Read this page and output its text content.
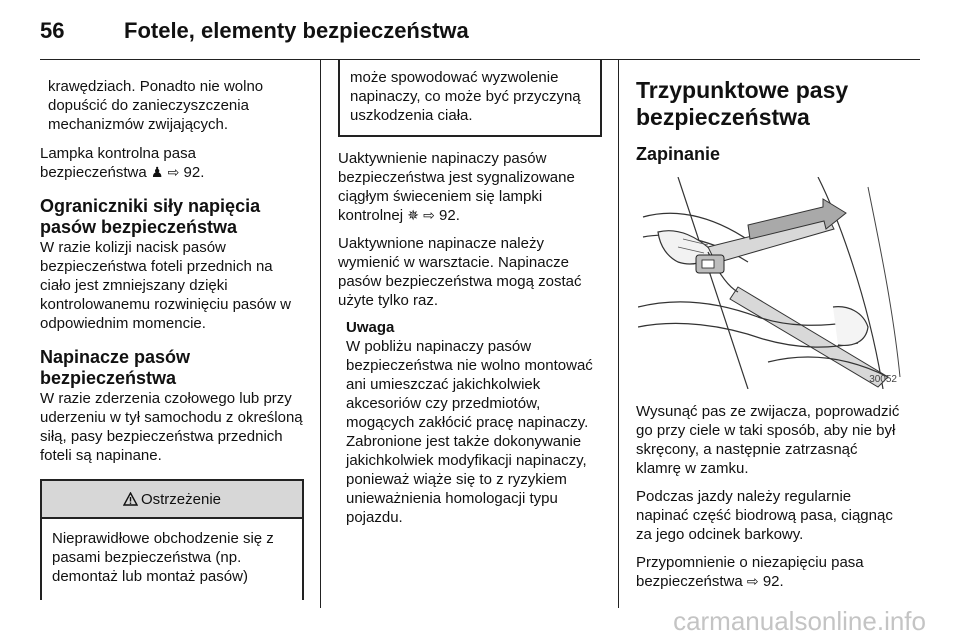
56	Fotele, elementy bezpieczeństwa

krawędziach. Ponadto nie wolno dopuścić do zanieczyszczenia mechanizmów zwijających.

Lampka kontrolna pasa bezpieczeństwa ♟ ⇨ 92.

Ograniczniki siły napięcia pasów bezpieczeństwa

W razie kolizji nacisk pasów bezpieczeństwa foteli przednich na ciało jest zmniejszany dzięki kontrolowanemu rozwinięciu pasów w odpowiednim momencie.

Napinacze pasów bezpieczeństwa

W razie zderzenia czołowego lub przy uderzeniu w tył samochodu z określoną siłą, pasy bezpieczeństwa przednich foteli są napinane.

Ostrzeżenie

Nieprawidłowe obchodzenie się z pasami bezpieczeństwa (np. demontaż lub montaż pasów)

może spowodować wyzwolenie napinaczy, co może być przyczyną uszkodzenia ciała.

Uaktywnienie napinaczy pasów bezpieczeństwa jest sygnalizowane ciągłym świeceniem się lampki kontrolnej ✵ ⇨ 92.

Uaktywnione napinacze należy wymienić w warsztacie. Napinacze pasów bezpieczeństwa mogą zostać użyte tylko raz.

Uwaga

W pobliżu napinaczy pasów bezpieczeństwa nie wolno montować ani umieszczać jakichkolwiek akcesoriów czy przedmiotów, mogących zakłócić pracę napinaczy. Zabronione jest także dokonywanie jakichkolwiek modyfikacji napinaczy, ponieważ wiąże się to z ryzykiem unieważnienia homologacji typu pojazdu.

Trzypunktowe pasy bezpieczeństwa
Zapinanie
30052

Wysunąć pas ze zwijacza, poprowadzić go przy ciele w taki sposób, aby nie był skręcony, a następnie zatrzasnąć klamrę w zamku.

Podczas jazdy należy regularnie napinać część biodrową pasa, ciągnąc za jego odcinek barkowy.

Przypomnienie o niezapięciu pasa bezpieczeństwa ⇨ 92.

carmanualsonline.info
